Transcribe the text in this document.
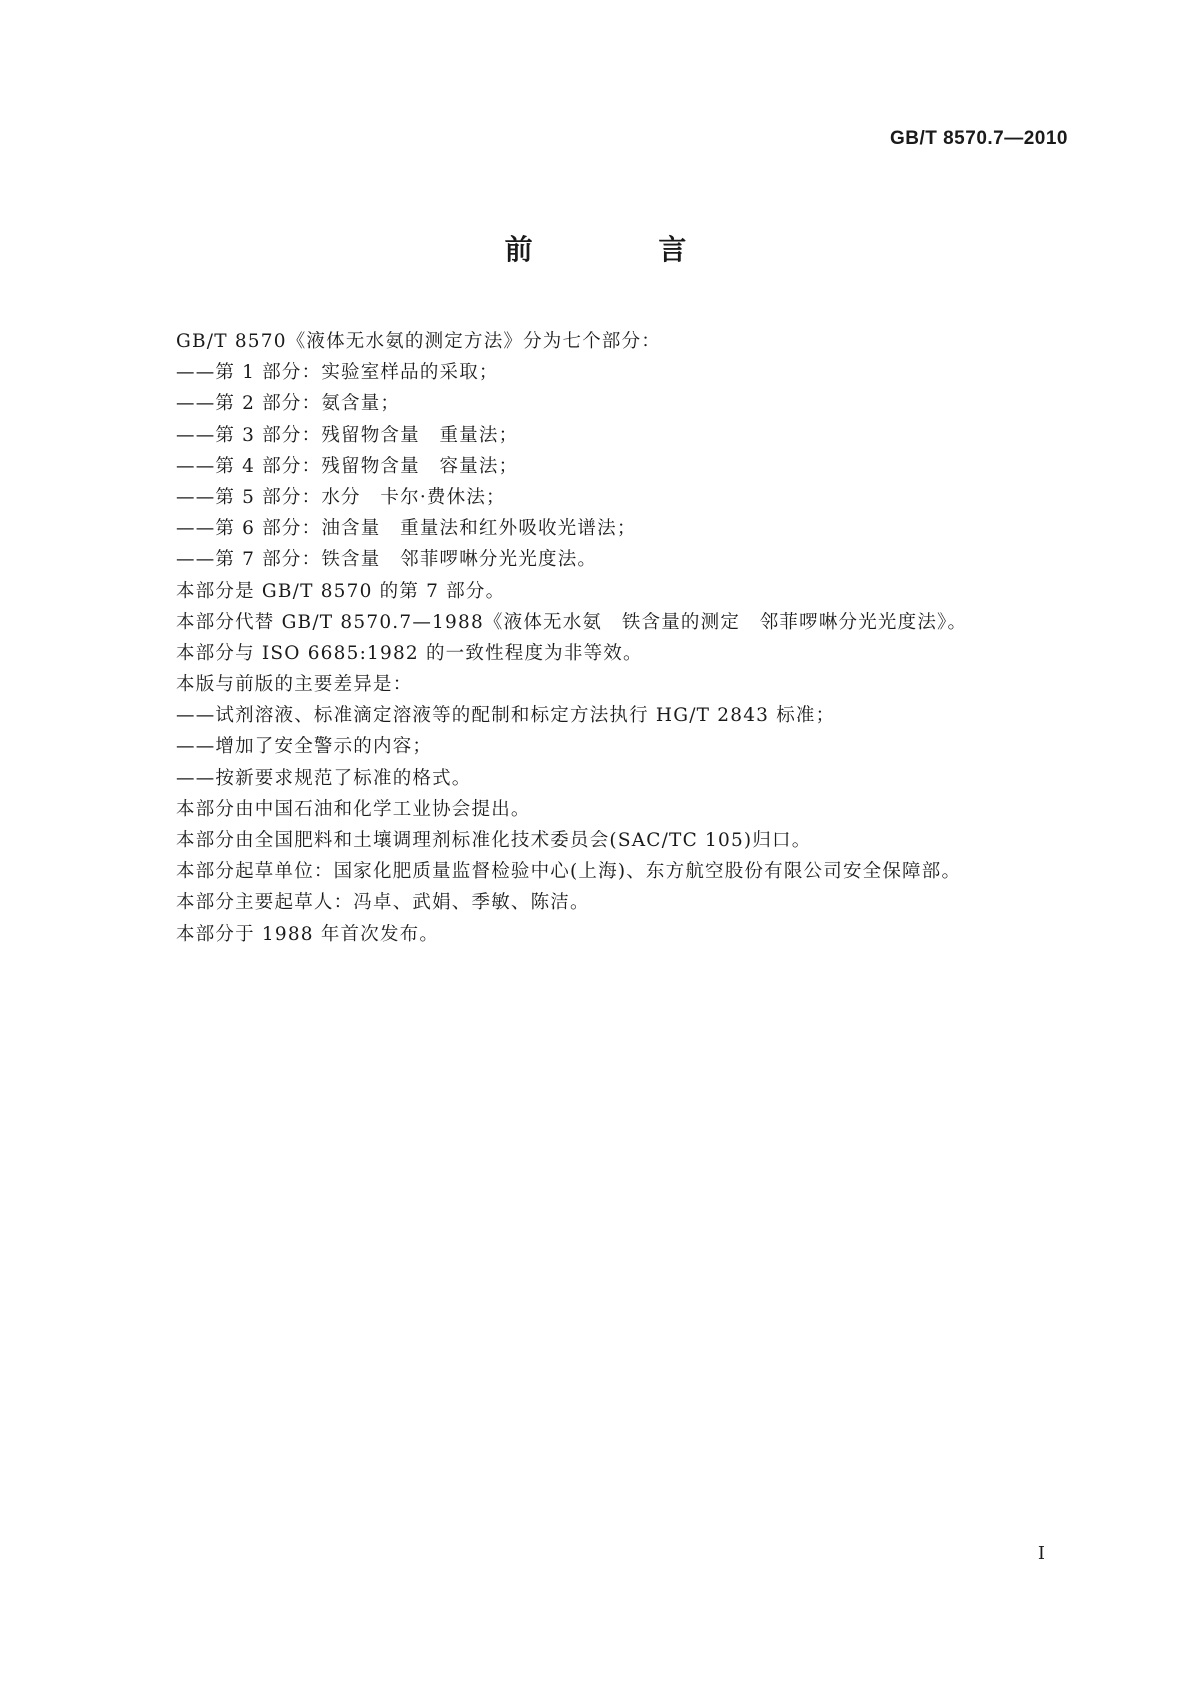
GB/T 8570.7—2010
前 言
GB/T 8570《液体无水氨的测定方法》分为七个部分：
——第 1 部分：实验室样品的采取；
——第 2 部分：氨含量；
——第 3 部分：残留物含量　重量法；
——第 4 部分：残留物含量　容量法；
——第 5 部分：水分　卡尔·费休法；
——第 6 部分：油含量　重量法和红外吸收光谱法；
——第 7 部分：铁含量　邻菲啰啉分光光度法。
本部分是 GB/T 8570 的第 7 部分。
本部分代替 GB/T 8570.7—1988《液体无水氨　铁含量的测定　邻菲啰啉分光光度法》。
本部分与 ISO 6685:1982 的一致性程度为非等效。
本版与前版的主要差异是：
——试剂溶液、标准滴定溶液等的配制和标定方法执行 HG/T 2843 标准；
——增加了安全警示的内容；
——按新要求规范了标准的格式。
本部分由中国石油和化学工业协会提出。
本部分由全国肥料和土壤调理剂标准化技术委员会(SAC/TC 105)归口。
本部分起草单位：国家化肥质量监督检验中心(上海)、东方航空股份有限公司安全保障部。
本部分主要起草人：冯卓、武娟、季敏、陈洁。
本部分于 1988 年首次发布。
I
